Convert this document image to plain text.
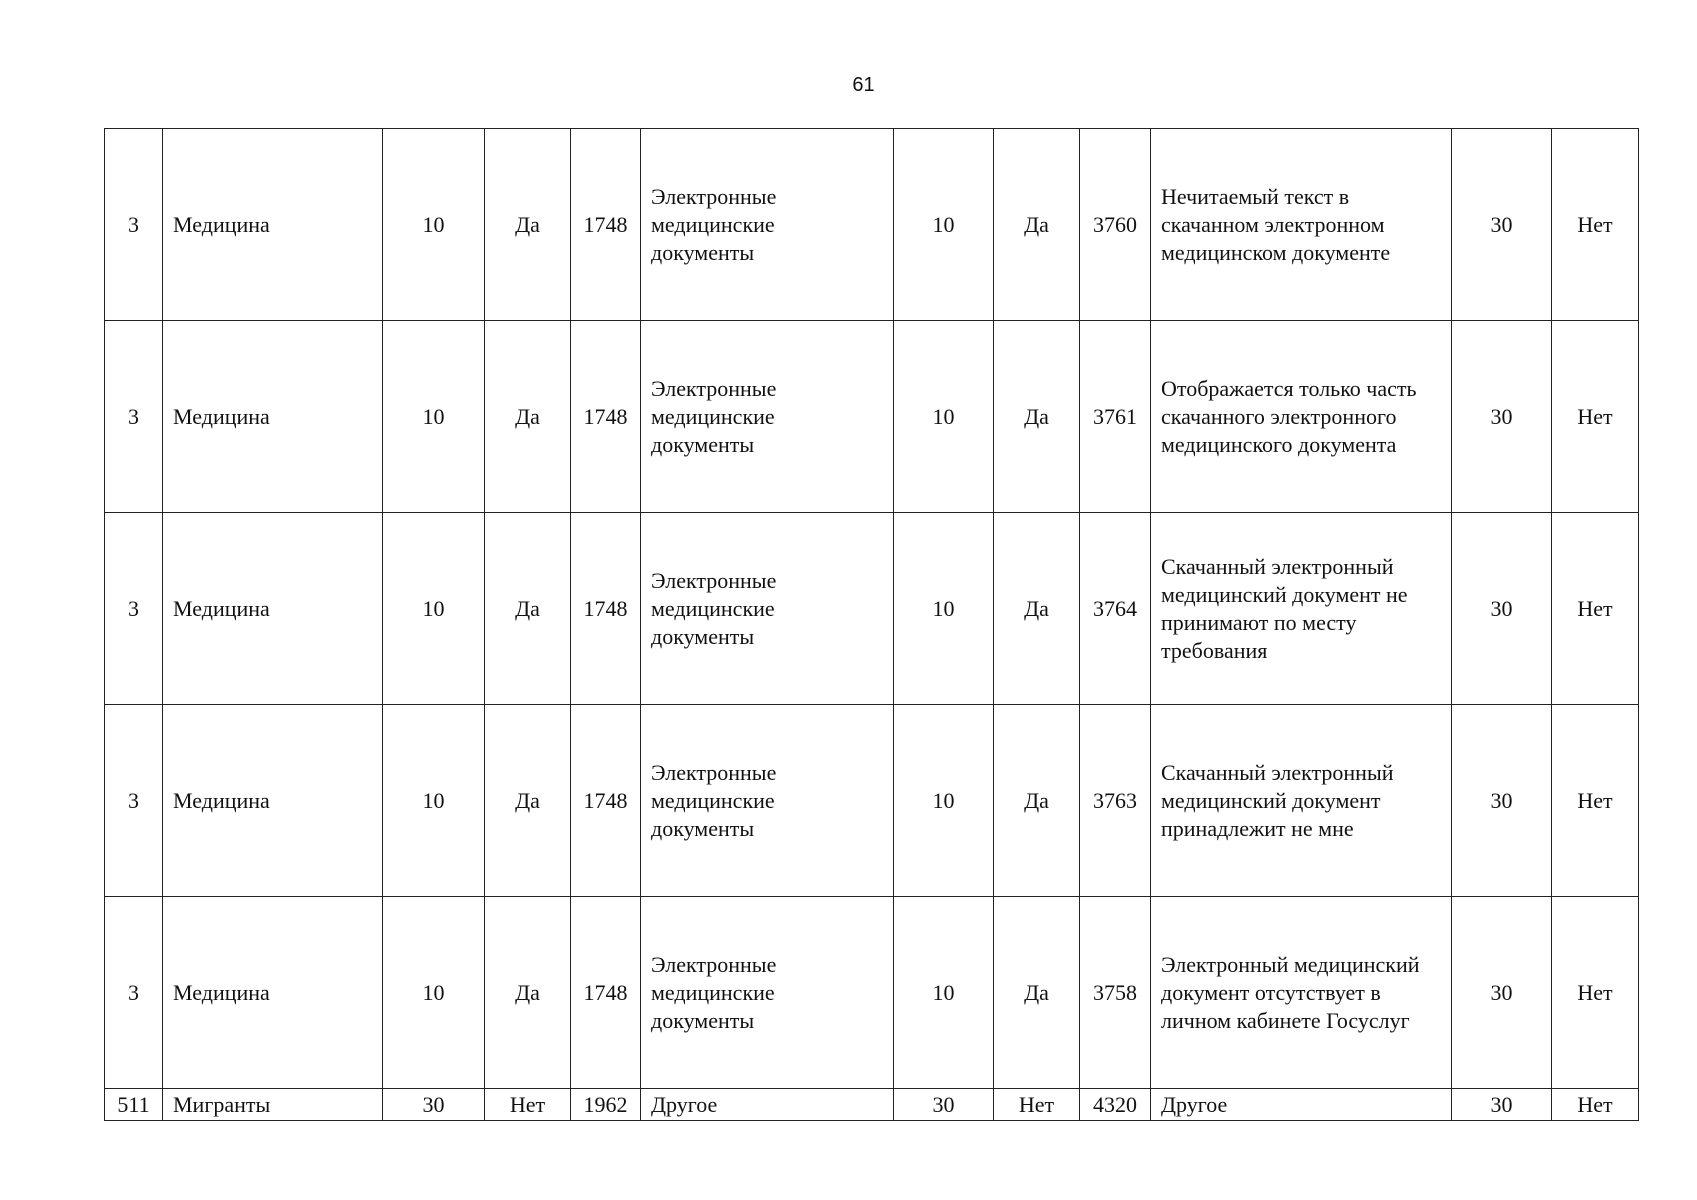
61
3	Медицина	10	Да	1748	Электронные медицинские документы	10	Да	3760	Нечитаемый текст в скачанном электронном медицинском документе	30	Нет
3	Медицина	10	Да	1748	Электронные медицинские документы	10	Да	3761	Отображается только часть скачанного электронного медицинского документа	30	Нет
3	Медицина	10	Да	1748	Электронные медицинские документы	10	Да	3764	Скачанный электронный медицинский документ не принимают по месту требования	30	Нет
3	Медицина	10	Да	1748	Электронные медицинские документы	10	Да	3763	Скачанный электронный медицинский документ принадлежит не мне	30	Нет
3	Медицина	10	Да	1748	Электронные медицинские документы	10	Да	3758	Электронный медицинский документ отсутствует в личном кабинете Госуслуг	30	Нет
511	Мигранты	30	Нет	1962	Другое	30	Нет	4320	Другое	30	Нет
